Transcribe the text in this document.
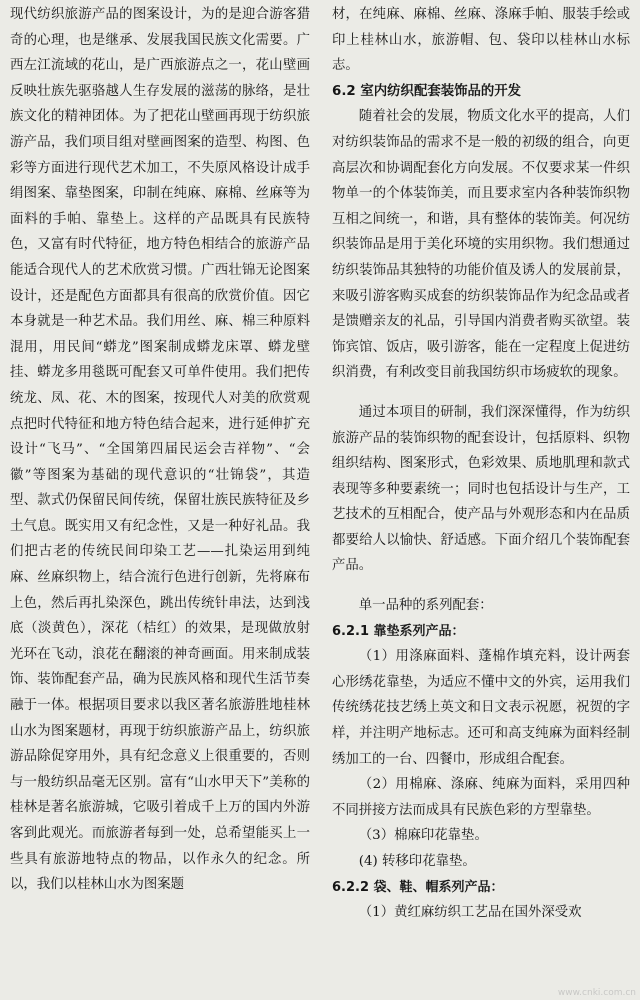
现代纺织旅游产品的图案设计，为的是迎合游客猎奇的心理，也是继承、发展我国民族文化需要。广西左江流域的花山，是广西旅游点之一，花山壁画反映壮族先驱骆越人生存发展的滋荡的脉络，是壮族文化的精神团体。为了把花山壁画再现于纺织旅游产品，我们项目组对壁画图案的造型、构图、色彩等方面进行现代艺术加工，不失原风格设计成手绢图案、靠垫图案，印制在纯麻、麻棉、丝麻等为面料的手帕、靠垫上。这样的产品既具有民族特色，又富有时代特征，地方特色相结合的旅游产品能适合现代人的艺术欣赏习惯。广西壮锦无论图案设计，还是配色方面都具有很高的欣赏价值。因它本身就是一种艺术品。我们用丝、麻、棉三种原料混用，用民间“蟒龙”图案制成蟒龙床罩、蟒龙壁挂、蟒龙多用毯既可配套又可单件使用。我们把传统龙、凤、花、木的图案，按现代人对美的欣赏观点把时代特征和地方特色结合起来，进行延伸扩充设计“飞马”、“全国第四届民运会吉祥物”、“会徽”等图案为基础的现代意识的“壮锦袋”，其造型、款式仍保留民间传统，保留壮族民族特征及乡土气息。既实用又有纪念性，又是一种好礼品。我们把古老的传统民间印染工艺——扎染运用到纯麻、丝麻织物上，结合流行色进行创新，先将麻布上色，然后再扎染深色，跳出传统针串法，达到浅底（淡黄色），深花（桔红）的效果，是现做放射光环在飞动，浪花在翻滚的神奇画面。用来制成装饰、装饰配套产品，确为民族风格和现代生活节奏融于一体。根据项目要求以我区著名旅游胜地桂林山水为图案题材，再现于纺织旅游产品上，纺织旅游品除促穿用外，具有纪念意义上很重要的，否则与一般纺织品毫无区别。富有“山水甲天下”美称的桂林是著名旅游城，它吸引着成千上万的国内外游客到此观光。而旅游者每到一处，总希望能买上一些具有旅游地特点的物品，以作永久的纪念。所以，我们以桂林山水为图案题

材，在纯麻、麻棉、丝麻、涤麻手帕、服装手绘或印上桂林山水，旅游帽、包、袋印以桂林山水标志。

6.2 室内纺织配套装饰品的开发

随着社会的发展，物质文化水平的提高，人们对纺织装饰品的需求不是一般的初级的组合，向更高层次和协调配套化方向发展。不仅要求某一件织物单一的个体装饰美，而且要求室内各种装饰织物互相之间统一，和谐，具有整体的装饰美。何况纺织装饰品是用于美化环境的实用织物。我们想通过纺织装饰品其独特的功能价值及诱人的发展前景，来吸引游客购买成套的纺织装饰品作为纪念品或者是馈赠亲友的礼品，引导国内消费者购买欲望。装饰宾馆、饭店，吸引游客，能在一定程度上促进纺织消费，有利改变目前我国纺织市场疲软的现象。

通过本项目的研制，我们深深懂得，作为纺织旅游产品的装饰织物的配套设计，包括原料、织物组织结构、图案形式，色彩效果、质地肌理和款式表现等多种要素统一；同时也包括设计与生产，工艺技术的互相配合，使产品与外观形态和内在品质都要给人以愉快、舒适感。下面介绍几个装饰配套产品。

单一品种的系列配套：

6.2.1 靠垫系列产品：

（1）用涤麻面料、蓬棉作填充料，设计两套心形绣花靠垫，为适应不懂中文的外宾，运用我们传统绣花技艺绣上英文和日文表示祝愿，祝贺的字样，并注明产地标志。还可和高支纯麻为面料经制绣加工的一台、四餐巾，形成组合配套。

（2）用棉麻、涤麻、纯麻为面料，采用四种不同拼接方法而成具有民族色彩的方型靠垫。

（3）棉麻印花靠垫。

(4) 转移印花靠垫。

6.2.2 袋、鞋、帽系列产品：

（1）黄红麻纺织工艺品在国外深受欢

www.cnki.com.cn
